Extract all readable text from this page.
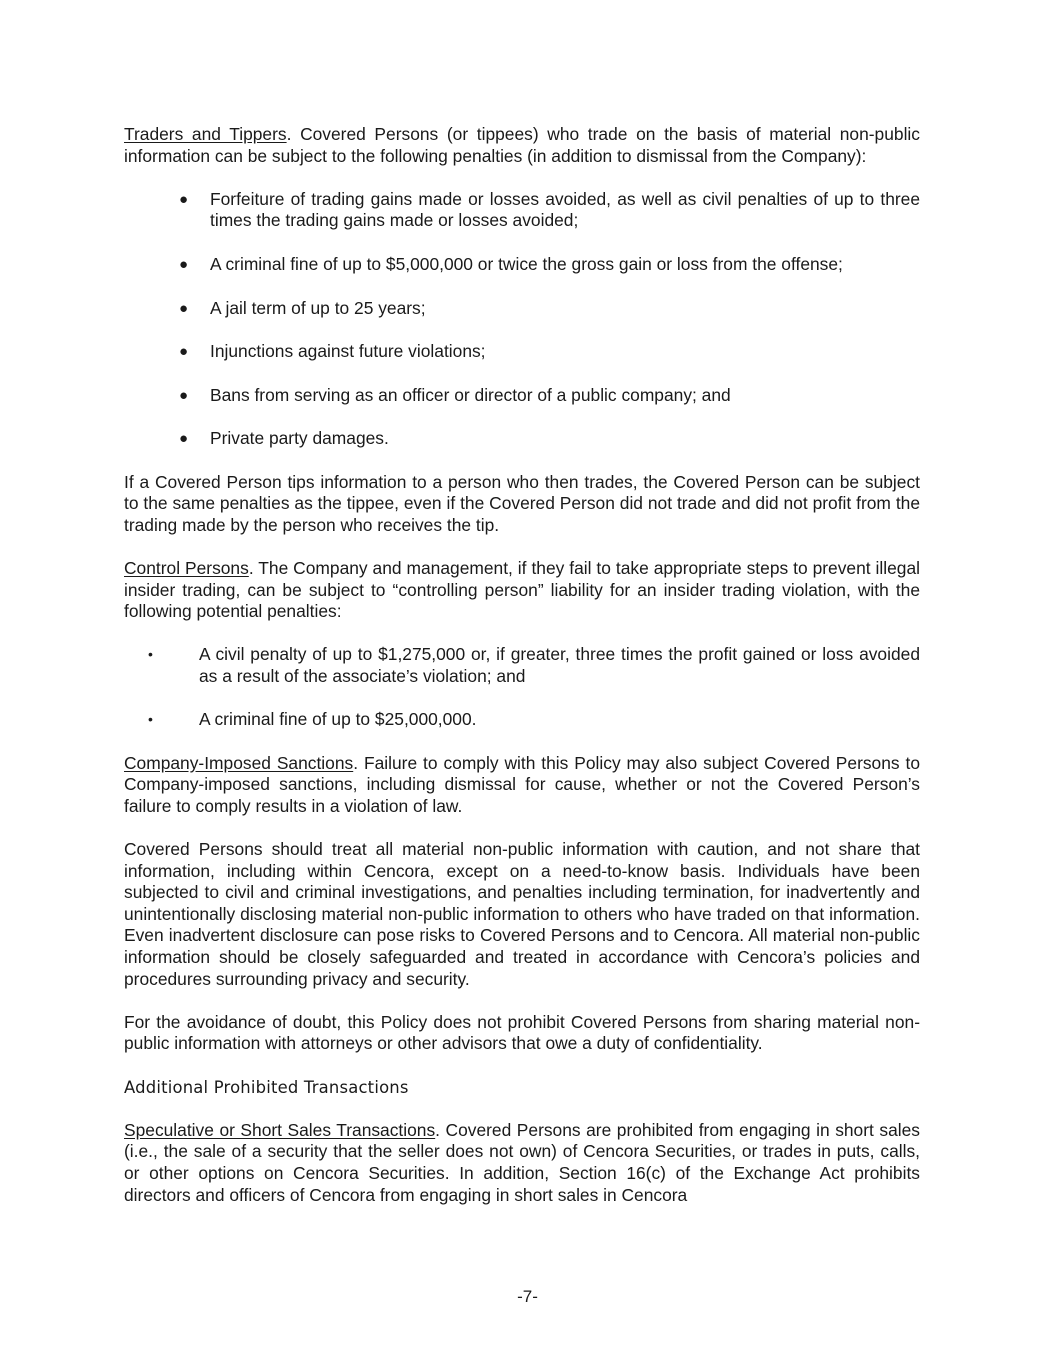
Traders and Tippers. Covered Persons (or tippees) who trade on the basis of material non-public information can be subject to the following penalties (in addition to dismissal from the Company):

● Forfeiture of trading gains made or losses avoided, as well as civil penalties of up to three times the trading gains made or losses avoided;
● A criminal fine of up to $5,000,000 or twice the gross gain or loss from the offense;
● A jail term of up to 25 years;
● Injunctions against future violations;
● Bans from serving as an officer or director of a public company; and
● Private party damages.

If a Covered Person tips information to a person who then trades, the Covered Person can be subject to the same penalties as the tippee, even if the Covered Person did not trade and did not profit from the trading made by the person who receives the tip.

Control Persons. The Company and management, if they fail to take appropriate steps to prevent illegal insider trading, can be subject to “controlling person” liability for an insider trading violation, with the following potential penalties:

•	A civil penalty of up to $1,275,000 or, if greater, three times the profit gained or loss avoided as a result of the associate’s violation; and
•	A criminal fine of up to $25,000,000.

Company-Imposed Sanctions. Failure to comply with this Policy may also subject Covered Persons to Company-imposed sanctions, including dismissal for cause, whether or not the Covered Person’s failure to comply results in a violation of law.

Covered Persons should treat all material non-public information with caution, and not share that information, including within Cencora, except on a need-to-know basis. Individuals have been subjected to civil and criminal investigations, and penalties including termination, for inadvertently and unintentionally disclosing material non-public information to others who have traded on that information. Even inadvertent disclosure can pose risks to Covered Persons and to Cencora. All material non-public information should be closely safeguarded and treated in accordance with Cencora’s policies and procedures surrounding privacy and security.

For the avoidance of doubt, this Policy does not prohibit Covered Persons from sharing material non-public information with attorneys or other advisors that owe a duty of confidentiality.

Additional Prohibited Transactions

Speculative or Short Sales Transactions. Covered Persons are prohibited from engaging in short sales (i.e., the sale of a security that the seller does not own) of Cencora Securities, or trades in puts, calls, or other options on Cencora Securities. In addition, Section 16(c) of the Exchange Act prohibits directors and officers of Cencora from engaging in short sales in Cencora

-7-
